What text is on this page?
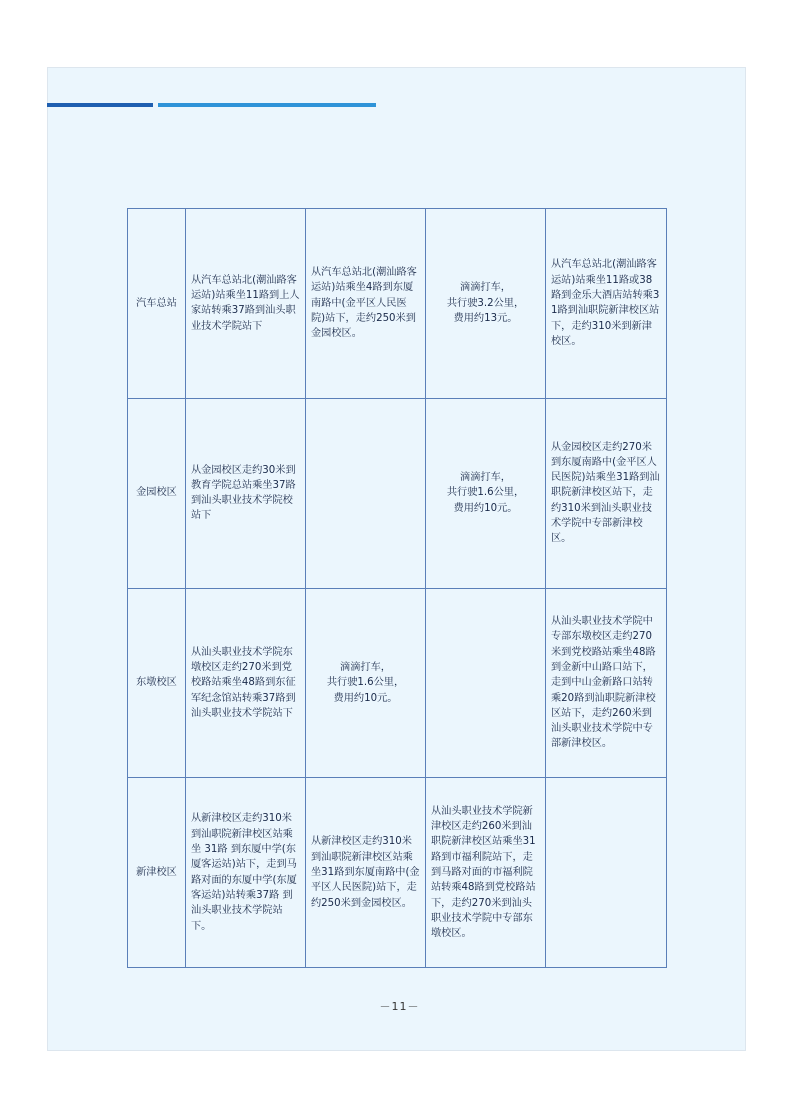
汽车总站	从汽车总站北(潮汕路客运站)站乘坐11路到上人家站转乘37路到汕头职业技术学院站下	从汽车总站北(潮汕路客运站)站乘坐4路到东厦南路中(金平区人民医院)站下，走约250米到金园校区。	滴滴打车，
共行驶3.2公里，
费用约13元。	从汽车总站北(潮汕路客运站)站乘坐11路或38路到金乐大酒店站转乘31路到汕职院新津校区站下，走约310米到新津校区。
金园校区	从金园校区走约30米到教育学院总站乘坐37路到汕头职业技术学院校站下		滴滴打车，
共行驶1.6公里，
费用约10元。	从金园校区走约270米到东厦南路中(金平区人民医院)站乘坐31路到汕职院新津校区站下，走约310米到汕头职业技术学院中专部新津校区。
东墩校区	从汕头职业技术学院东墩校区走约270米到党校路站乘坐48路到东征军纪念馆站转乘37路到汕头职业技术学院站下	滴滴打车，
共行驶1.6公里，
费用约10元。		从汕头职业技术学院中专部东墩校区走约270米到党校路站乘坐48路到金新中山路口站下，走到中山金新路口站转乘20路到汕职院新津校区站下，走约260米到汕头职业技术学院中专部新津校区。
新津校区	从新津校区走约310米到汕职院新津校区站乘坐 31路 到东厦中学(东厦客运站)站下，走到马路对面的东厦中学(东厦客运站)站转乘37路 到汕头职业技术学院站下。	从新津校区走约310米到汕职院新津校区站乘坐31路到东厦南路中(金平区人民医院)站下，走约250米到金园校区。	从汕头职业技术学院新津校区走约260米到汕职院新津校区站乘坐31路到市福利院站下，走到马路对面的市福利院站转乘48路到党校路站下，走约270米到汕头职业技术学院中专部东墩校区。	
－11－
